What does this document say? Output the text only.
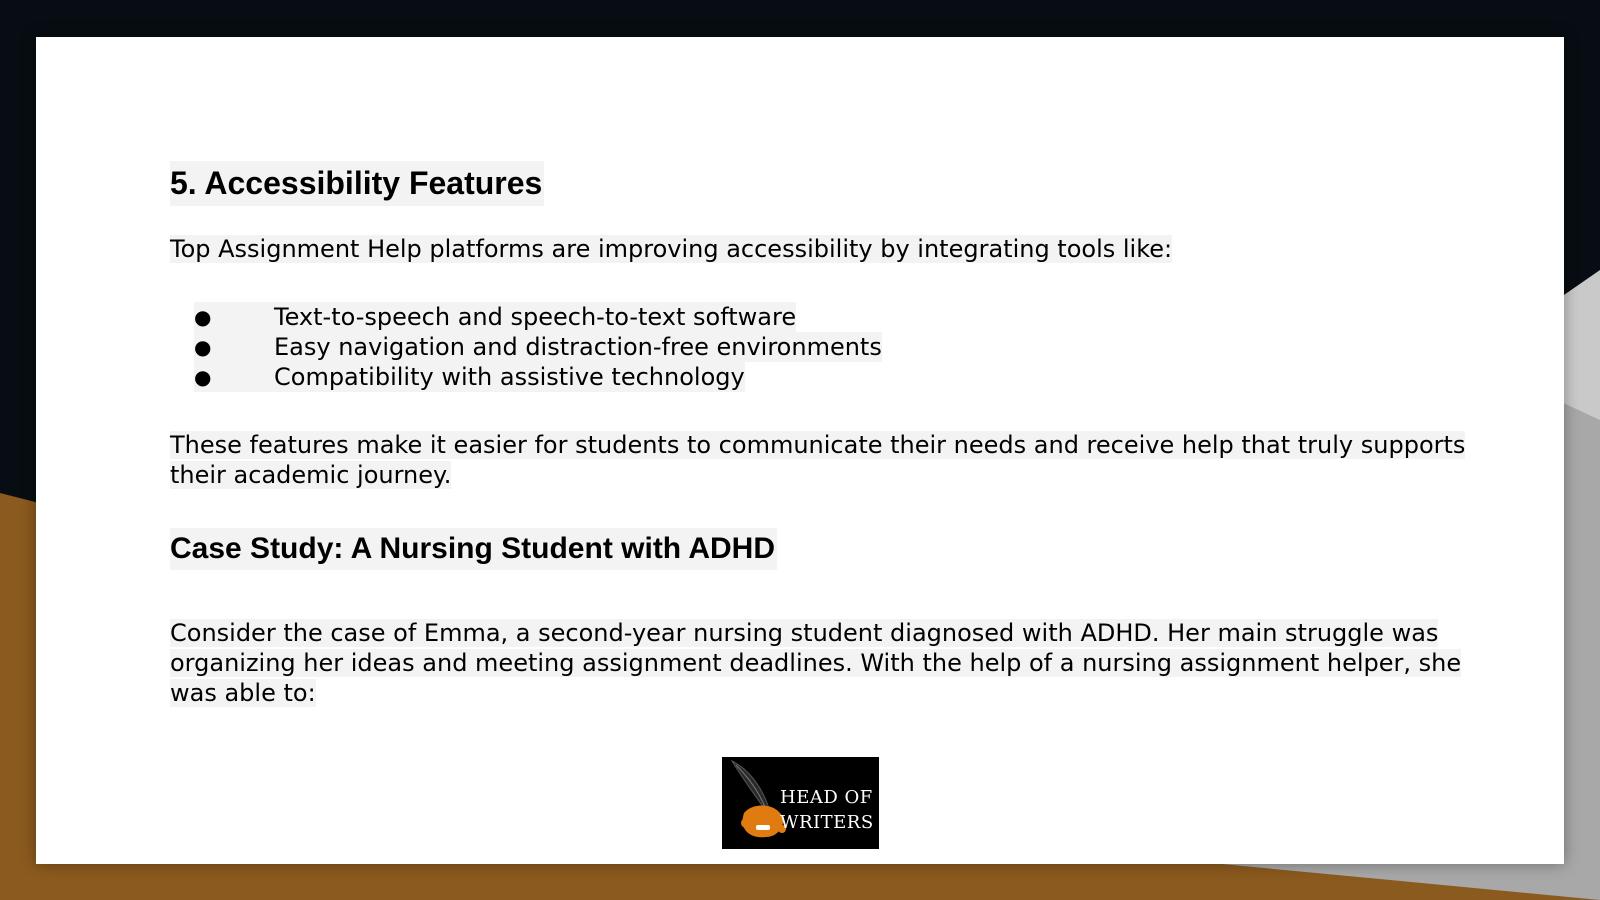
5. Accessibility Features

Top Assignment Help platforms are improving accessibility by integrating tools like:

●	Text-to-speech and speech-to-text software
●	Easy navigation and distraction-free environments
●	Compatibility with assistive technology

These features make it easier for students to communicate their needs and receive help that truly supports their academic journey.

Case Study: A Nursing Student with ADHD

Consider the case of Emma, a second-year nursing student diagnosed with ADHD. Her main struggle was organizing her ideas and meeting assignment deadlines. With the help of a nursing assignment helper, she was able to:

HEAD OF
WRITERS
